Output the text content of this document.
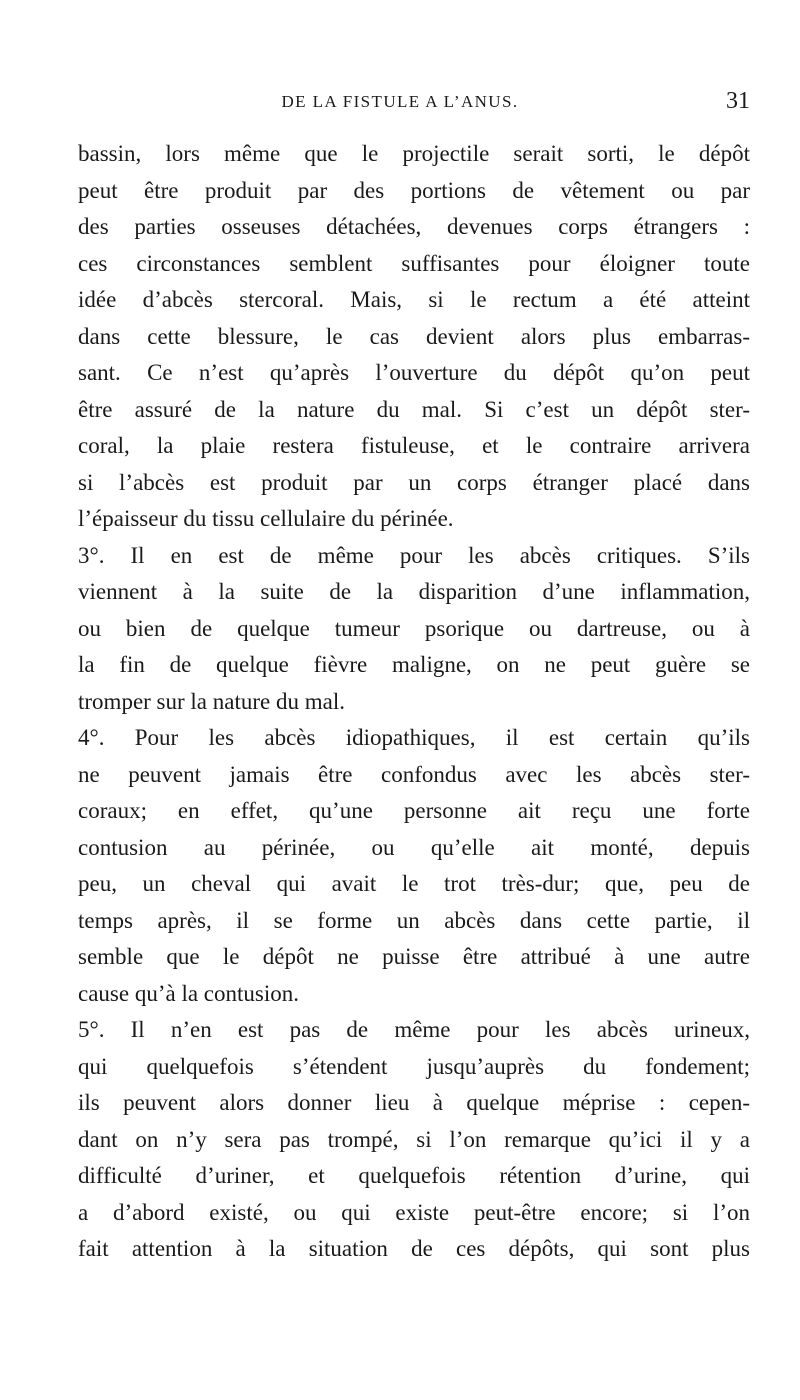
DE LA FISTULE A L’ANUS.	31
bassin, lors même que le projectile serait sorti, le dépôt
peut être produit par des portions de vêtement ou par
des parties osseuses détachées, devenues corps étrangers :
ces circonstances semblent suffisantes pour éloigner toute
idée d’abcès stercoral. Mais, si le rectum a été atteint
dans cette blessure, le cas devient alors plus embarras-
sant. Ce n’est qu’après l’ouverture du dépôt qu’on peut
être assuré de la nature du mal. Si c’est un dépôt ster-
coral, la plaie restera fistuleuse, et le contraire arrivera
si l’abcès est produit par un corps étranger placé dans
l’épaisseur du tissu cellulaire du périnée.
3°. Il en est de même pour les abcès critiques. S’ils
viennent à la suite de la disparition d’une inflammation,
ou bien de quelque tumeur psorique ou dartreuse, ou à
la fin de quelque fièvre maligne, on ne peut guère se
tromper sur la nature du mal.
4°. Pour les abcès idiopathiques, il est certain qu’ils
ne peuvent jamais être confondus avec les abcès ster-
coraux; en effet, qu’une personne ait reçu une forte
contusion au périnée, ou qu’elle ait monté, depuis
peu, un cheval qui avait le trot très-dur; que, peu de
temps après, il se forme un abcès dans cette partie, il
semble que le dépôt ne puisse être attribué à une autre
cause qu’à la contusion.
5°. Il n’en est pas de même pour les abcès urineux,
qui quelquefois s’étendent jusqu’auprès du fondement;
ils peuvent alors donner lieu à quelque méprise : cepen-
dant on n’y sera pas trompé, si l’on remarque qu’ici il y a
difficulté d’uriner, et quelquefois rétention d’urine, qui
a d’abord existé, ou qui existe peut-être encore; si l’on
fait attention à la situation de ces dépôts, qui sont plus
